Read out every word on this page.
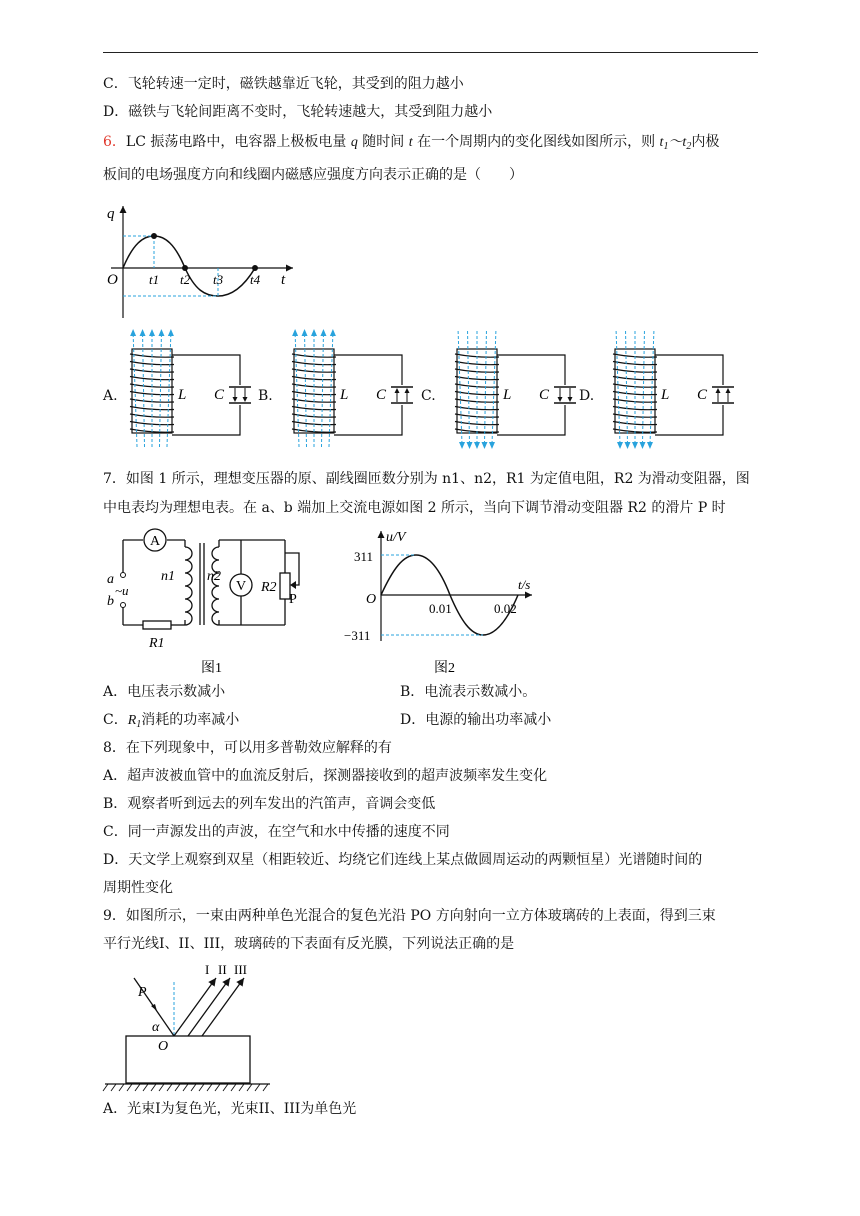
C．飞轮转速一定时，磁铁越靠近飞轮，其受到的阻力越小
D．磁铁与飞轮间距离不变时，飞轮转速越大，其受到阻力越小
6．LC 振荡电路中，电容器上极板电量 q 随时间 t 在一个周期内的变化图线如图所示，则 $t_1\sim t_2$内极
板间的电场强度方向和线圈内磁感应强度方向表示正确的是（　　）
q
t
O t1 t2 t3 t4
L C	L C	L C	L C
A.	B.	C.	D.
7．如图 1 所示，理想变压器的原、副线圈匝数分别为 n1、n2，R1 为定值电阻，R2 为滑动变阻器，图
中电表均为理想电表。在 a、b 端加上交流电源如图 2 所示，当向下调节滑动变阻器 R2 的滑片 P 时
A
V
a
b
~u
n1 n2
R2
P
R1
图1
u/V
t/s
O
311
−311
0.01	0.02
图2
A．电压表示数减小	B．电流表示数减小。
C．$R_1$消耗的功率减小	D．电源的输出功率减小
8．在下列现象中，可以用多普勒效应解释的有
A．超声波被血管中的血流反射后，探测器接收到的超声波频率发生变化
B．观察者听到远去的列车发出的汽笛声，音调会变低
C．同一声源发出的声波，在空气和水中传播的速度不同
D．天文学上观察到双星（相距较近、均绕它们连线上某点做圆周运动的两颗恒星）光谱随时间的
周期性变化
9．如图所示，一束由两种单色光混合的复色光沿 PO 方向射向一立方体玻璃砖的上表面，得到三束
平行光线I、II、III，玻璃砖的下表面有反光膜，下列说法正确的是
P
O
α
I II III
A．光束I为复色光，光束II、III为单色光
